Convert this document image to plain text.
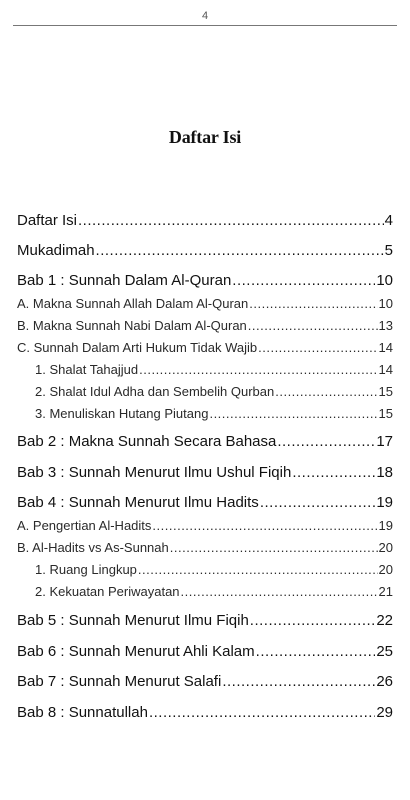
4
Daftar Isi
Daftar Isi .....	4
Mukadimah .....	5
Bab 1 : Sunnah Dalam Al-Quran .....	10
A. Makna Sunnah Allah Dalam Al-Quran .....	10
B. Makna Sunnah Nabi Dalam Al-Quran .....	13
C. Sunnah Dalam Arti Hukum Tidak Wajib .....	14
1. Shalat Tahajjud .....	14
2. Shalat Idul Adha dan Sembelih Qurban .....	15
3. Menuliskan Hutang Piutang .....	15
Bab 2 : Makna Sunnah Secara Bahasa .....	17
Bab 3 : Sunnah Menurut Ilmu Ushul Fiqih .....	18
Bab 4 : Sunnah Menurut Ilmu Hadits .....	19
A. Pengertian Al-Hadits .....	19
B. Al-Hadits vs As-Sunnah .....	20
1. Ruang Lingkup .....	20
2. Kekuatan Periwayatan .....	21
Bab 5 : Sunnah Menurut Ilmu Fiqih .....	22
Bab 6 : Sunnah Menurut Ahli Kalam .....	25
Bab 7 : Sunnah Menurut Salafi .....	26
Bab 8 : Sunnatullah .....	29
